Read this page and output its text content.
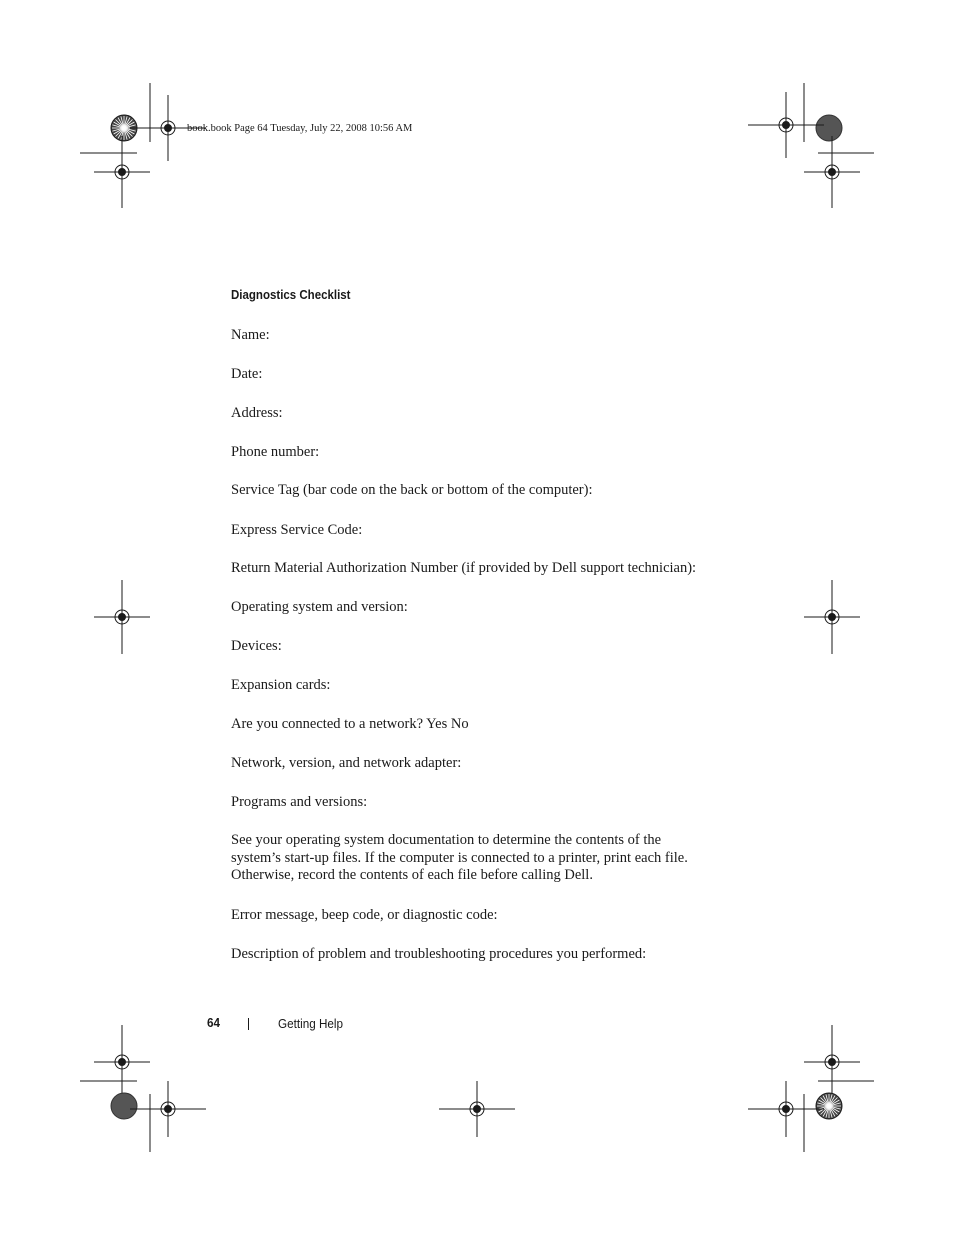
book.book Page 64 Tuesday, July 22, 2008 10:56 AM
Diagnostics Checklist
Name:
Date:
Address:
Phone number:
Service Tag (bar code on the back or bottom of the computer):
Express Service Code:
Return Material Authorization Number (if provided by Dell support technician):
Operating system and version:
Devices:
Expansion cards:
Are you connected to a network? Yes No
Network, version, and network adapter:
Programs and versions:
See your operating system documentation to determine the contents of the
system’s start-up files. If the computer is connected to a printer, print each file.
Otherwise, record the contents of each file before calling Dell.
Error message, beep code, or diagnostic code:
Description of problem and troubleshooting procedures you performed:
64	Getting Help
